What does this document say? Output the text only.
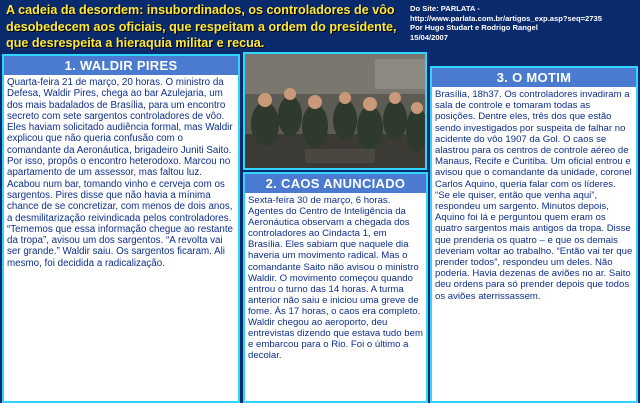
A cadeia da desordem: insubordinados, os controladores de vôo desobedecem aos oficiais, que respeitam a ordem do presidente, que desrespeita a hieraquia militar e recua.
Do Site: PARLATA -
http://www.parlata.com.br/artigos_exp.asp?seq=2735
Por Hugo Studart e Rodrigo Rangel
15/04/2007
1. WALDIR PIRES
Quarta-feira 21 de março, 20 horas. O ministro da Defesa, Waldir Pires, chega ao bar Azulejaria, um dos mais badalados de Brasília, para um encontro secreto com sete sargentos controladores de vôo. Eles haviam solicitado audiência formal, mas Waldir explicou que não queria confusão com o comandante da Aeronáutica, brigadeiro Juniti Saito. Por isso, propôs o encontro heterodoxo. Marcou no apartamento de um assessor, mas faltou luz. Acabou num bar, tomando vinho e cerveja com os sargentos. Pires disse que não havia a mínima chance de se concretizar, com menos de dois anos, a desmilitarização reivindicada pelos controladores. “Tememos que essa informação chegue ao restante da tropa”, avisou um dos sargentos. “A revolta vai ser grande.” Waldir saiu. Os sargentos ficaram. Ali mesmo, foi decidida a radicalização.
2. CAOS ANUNCIADO
Sexta-feira 30 de março, 6 horas. Agentes do Centro de Inteligência da Aeronáutica observam a chegada dos controladores ao Cindacta 1, em Brasília. Eles sabiam que naquele dia haveria um movimento radical. Mas o comandante Saito não avisou o ministro Waldir. O movimento começou quando entrou o turno das 14 horas. A turma anterior não saiu e iniciou uma greve de fome. Às 17 horas, o caos era completo. Waldir chegou ao aeroporto, deu entrevistas dizendo que estava tudo bem e embarcou para o Rio. Foi o último a decolar.
3. O MOTIM
Brasília, 18h37. Os controladores invadiram a sala de controle e tomaram todas as posições. Dentre eles, três dos que estão sendo investigados por suspeita de falhar no acidente do vôo 1907 da Gol. O caos se alastrou para os centros de controle aéreo de Manaus, Recife e Curitiba. Um oficial entrou e avisou que o comandante da unidade, coronel Carlos Aquino, queria falar com os líderes. “Se ele quiser, então que venha aqui”, respondeu um sargento. Minutos depois, Aquino foi lá e perguntou quem eram os quatro sargentos mais antigos da tropa. Disse que prenderia os quatro – e que os demais deveriam voltar ao trabalho. “Então vai ter que prender todos”, respondeu um deles. Não poderia. Havia dezenas de aviões no ar. Saito deu ordens para só prender depois que todos os aviões aterrissassem.
